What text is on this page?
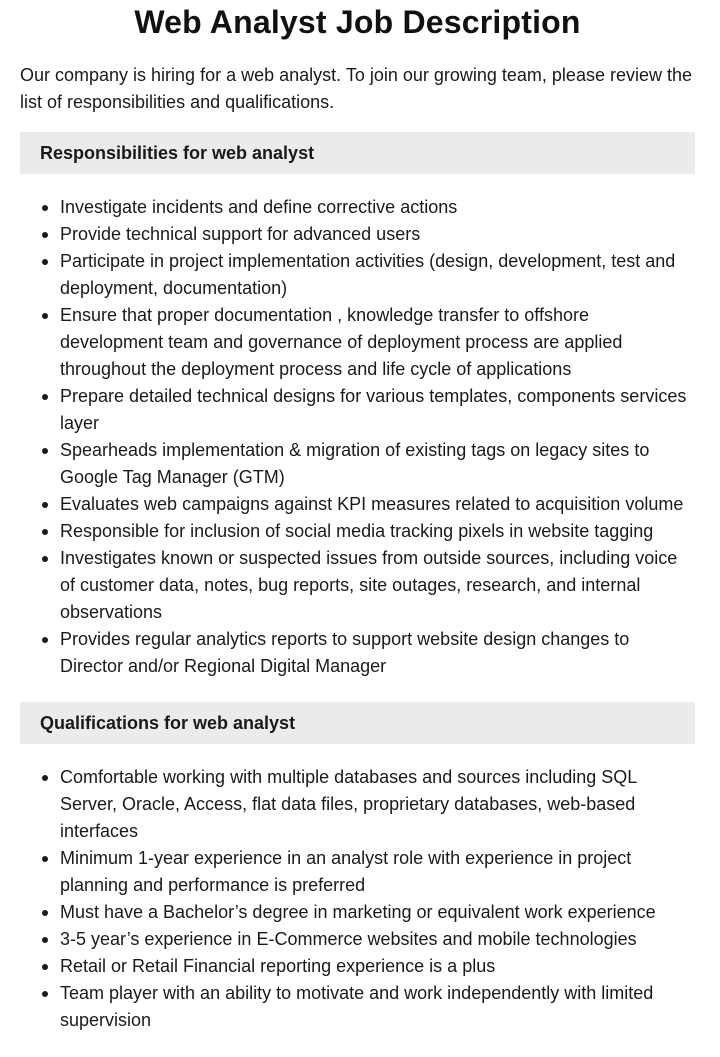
Web Analyst Job Description

Our company is hiring for a web analyst. To join our growing team, please review the list of responsibilities and qualifications.

Responsibilities for web analyst
Investigate incidents and define corrective actions
Provide technical support for advanced users
Participate in project implementation activities (design, development, test and deployment, documentation)
Ensure that proper documentation , knowledge transfer to offshore development team and governance of deployment process are applied throughout the deployment process and life cycle of applications
Prepare detailed technical designs for various templates, components services layer
Spearheads implementation & migration of existing tags on legacy sites to Google Tag Manager (GTM)
Evaluates web campaigns against KPI measures related to acquisition volume
Responsible for inclusion of social media tracking pixels in website tagging
Investigates known or suspected issues from outside sources, including voice of customer data, notes, bug reports, site outages, research, and internal observations
Provides regular analytics reports to support website design changes to Director and/or Regional Digital Manager
Qualifications for web analyst
Comfortable working with multiple databases and sources including SQL Server, Oracle, Access, flat data files, proprietary databases, web-based interfaces
Minimum 1-year experience in an analyst role with experience in project planning and performance is preferred
Must have a Bachelor’s degree in marketing or equivalent work experience
3-5 year’s experience in E-Commerce websites and mobile technologies
Retail or Retail Financial reporting experience is a plus
Team player with an ability to motivate and work independently with limited supervision
